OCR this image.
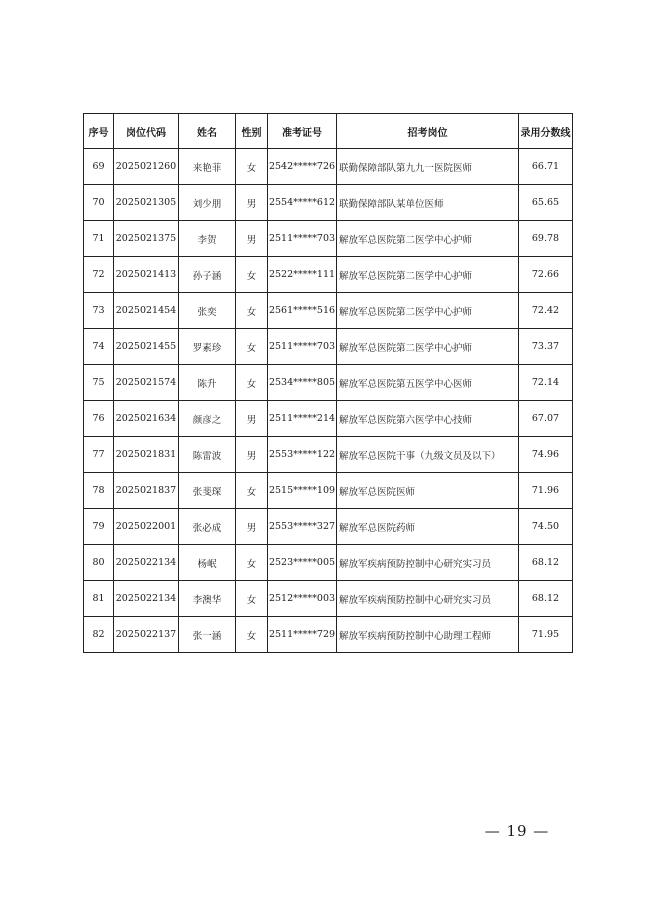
序号	岗位代码	姓名	性别	准考证号	招考岗位	录用分数线
69	2025021260	来艳菲	女	2542*****726	联勤保障部队第九九一医院医师	66.71
70	2025021305	刘少朋	男	2554*****612	联勤保障部队某单位医师	65.65
71	2025021375	李贺	男	2511*****703	解放军总医院第二医学中心护师	69.78
72	2025021413	孙子涵	女	2522*****111	解放军总医院第二医学中心护师	72.66
73	2025021454	张奕	女	2561*****516	解放军总医院第二医学中心护师	72.42
74	2025021455	罗素珍	女	2511*****703	解放军总医院第二医学中心护师	73.37
75	2025021574	陈升	女	2534*****805	解放军总医院第五医学中心医师	72.14
76	2025021634	颜彦之	男	2511*****214	解放军总医院第六医学中心技师	67.07
77	2025021831	陈雷波	男	2553*****122	解放军总医院干事（九级文员及以下）	74.96
78	2025021837	张斐琛	女	2515*****109	解放军总医院医师	71.96
79	2025022001	张必成	男	2553*****327	解放军总医院药师	74.50
80	2025022134	杨岷	女	2523*****005	解放军疾病预防控制中心研究实习员	68.12
81	2025022134	李澳华	女	2512*****003	解放军疾病预防控制中心研究实习员	68.12
82	2025022137	张一涵	女	2511*****729	解放军疾病预防控制中心助理工程师	71.95
— 19 —
